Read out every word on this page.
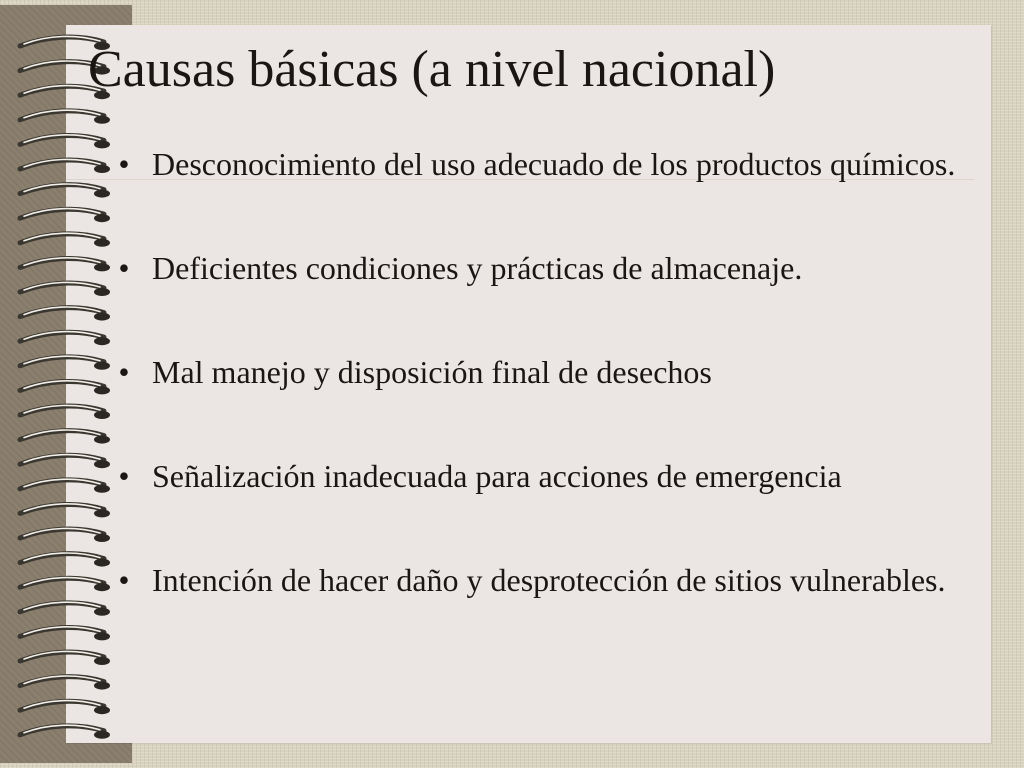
Causas básicas (a nivel nacional)
• Desconocimiento del uso adecuado de los productos químicos.
• Deficientes condiciones y prácticas de almacenaje.
• Mal manejo y disposición final de desechos
• Señalización inadecuada para acciones de emergencia
• Intención de hacer daño y desprotección de sitios vulnerables.
